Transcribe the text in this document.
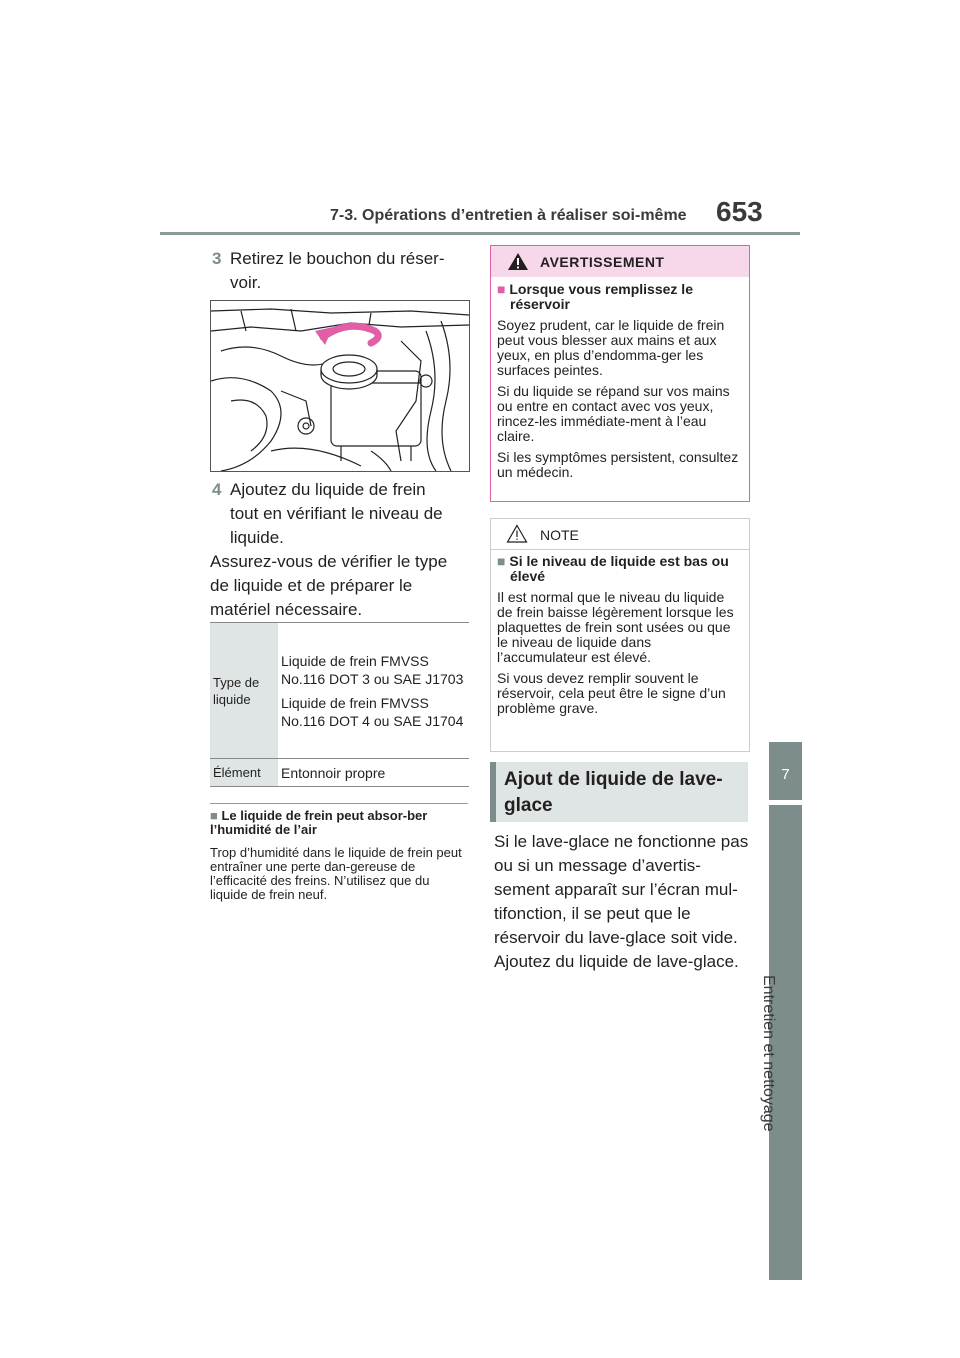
7-3. Opérations d’entretien à réaliser soi-même 653
7
Entretien et nettoyage
3 Retirez le bouchon du réser-
voir.
4 Ajoutez du liquide de frein
tout en vérifiant le niveau de
liquide.
Assurez-vous de vérifier le type de liquide et de préparer le matériel nécessaire.
Type de liquide	Liquide de frein FMVSS No.116 DOT 3 ou SAE J1703
Liquide de frein FMVSS No.116 DOT 4 ou SAE J1704

Élément	Entonnoir propre
■ Le liquide de frein peut absor-ber l’humidité de l’air
Trop d’humidité dans le liquide de frein peut entraîner une perte dan-gereuse de l’efficacité des freins. N’utilisez que du liquide de frein neuf.
AVERTISSEMENT
■ Lorsque vous remplissez le réservoir
Soyez prudent, car le liquide de frein peut vous blesser aux mains et aux yeux, en plus d’endomma-ger les surfaces peintes.
Si du liquide se répand sur vos mains ou entre en contact avec vos yeux, rincez-les immédiate-ment à l’eau claire.
Si les symptômes persistent, consultez un médecin.
NOTE
■ Si le niveau de liquide est bas ou élevé
Il est normal que le niveau du liquide de frein baisse légèrement lorsque les plaquettes de frein sont usées ou que le niveau de liquide dans l’accumulateur est élevé.
Si vous devez remplir souvent le réservoir, cela peut être le signe d’un problème grave.
Ajout de liquide de lave-glace
Si le lave-glace ne fonctionne pas ou si un message d’avertis-sement apparaît sur l’écran mul-tifonction, il se peut que le réservoir du lave-glace soit vide. Ajoutez du liquide de lave-glace.
